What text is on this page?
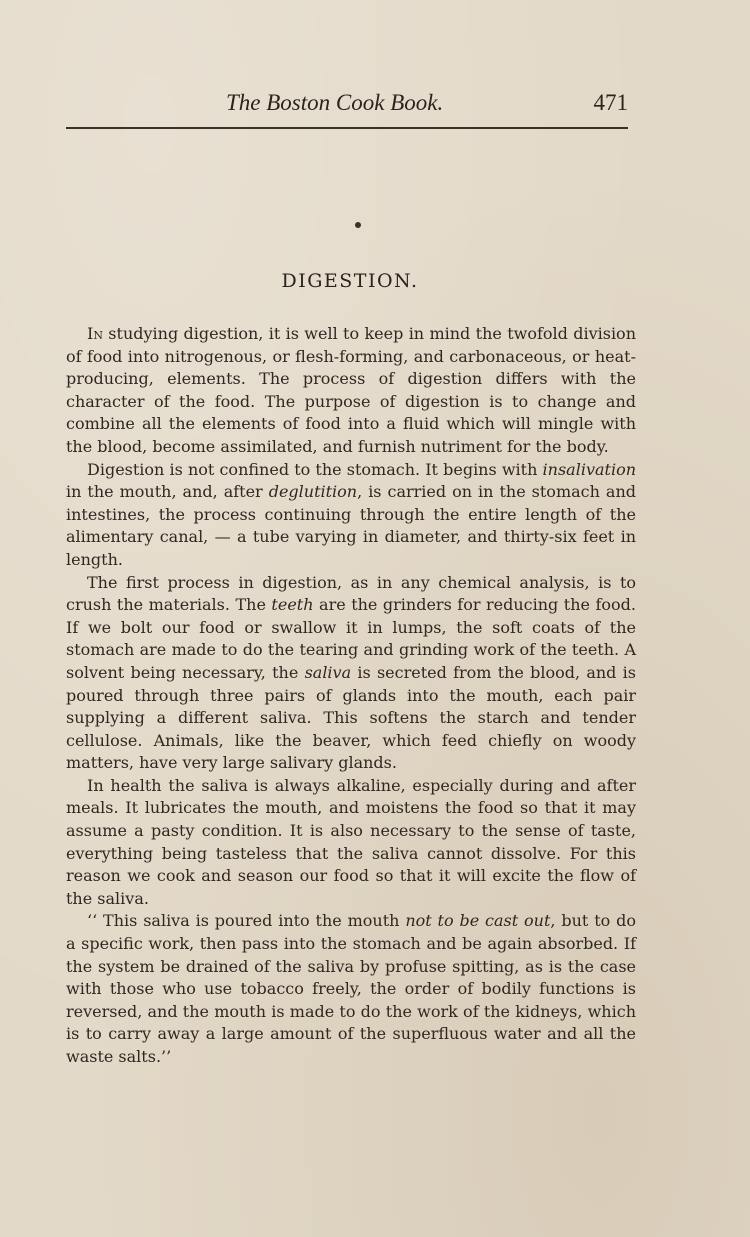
The Boston Cook Book.	471
DIGESTION.

In studying digestion, it is well to keep in mind the twofold division of food into nitrogenous, or flesh-forming, and carbonaceous, or heat-producing, elements. The process of digestion differs with the character of the food. The purpose of digestion is to change and combine all the elements of food into a fluid which will mingle with the blood, become assimilated, and furnish nutriment for the body.

Digestion is not confined to the stomach. It begins with insalivation in the mouth, and, after deglutition, is carried on in the stomach and intestines, the process continuing through the entire length of the alimentary canal, — a tube varying in diameter, and thirty-six feet in length.

The first process in digestion, as in any chemical analysis, is to crush the materials. The teeth are the grinders for reducing the food. If we bolt our food or swallow it in lumps, the soft coats of the stomach are made to do the tearing and grinding work of the teeth. A solvent being necessary, the saliva is secreted from the blood, and is poured through three pairs of glands into the mouth, each pair supplying a different saliva. This softens the starch and tender cellulose. Animals, like the beaver, which feed chiefly on woody matters, have very large salivary glands.

In health the saliva is always alkaline, especially during and after meals. It lubricates the mouth, and moistens the food so that it may assume a pasty condition. It is also necessary to the sense of taste, everything being tasteless that the saliva cannot dissolve. For this reason we cook and season our food so that it will excite the flow of the saliva.

‘‘ This saliva is poured into the mouth not to be cast out, but to do a specific work, then pass into the stomach and be again absorbed. If the system be drained of the saliva by profuse spitting, as is the case with those who use tobacco freely, the order of bodily functions is reversed, and the mouth is made to do the work of the kidneys, which is to carry away a large amount of the superfluous water and all the waste salts.’’
